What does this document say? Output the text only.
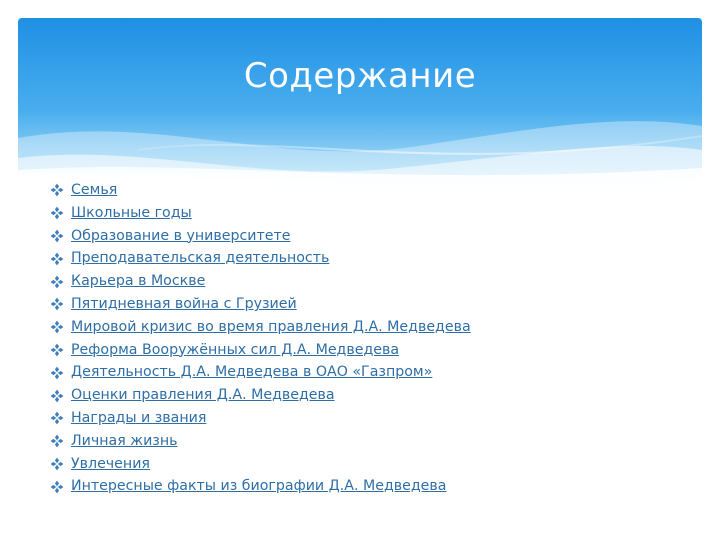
Содержание
Семья
Школьные годы
Образование в университете
Преподавательская деятельность
Карьера в Москве
Пятидневная война с Грузией
Мировой кризис во время правления Д.А. Медведева
Реформа Вооружённых сил Д.А. Медведева
Деятельность Д.А. Медведева в ОАО «Газпром»
Оценки правления Д.А. Медведева
Награды и звания
Личная жизнь
Увлечения
Интересные факты из биографии Д.А. Медведева
